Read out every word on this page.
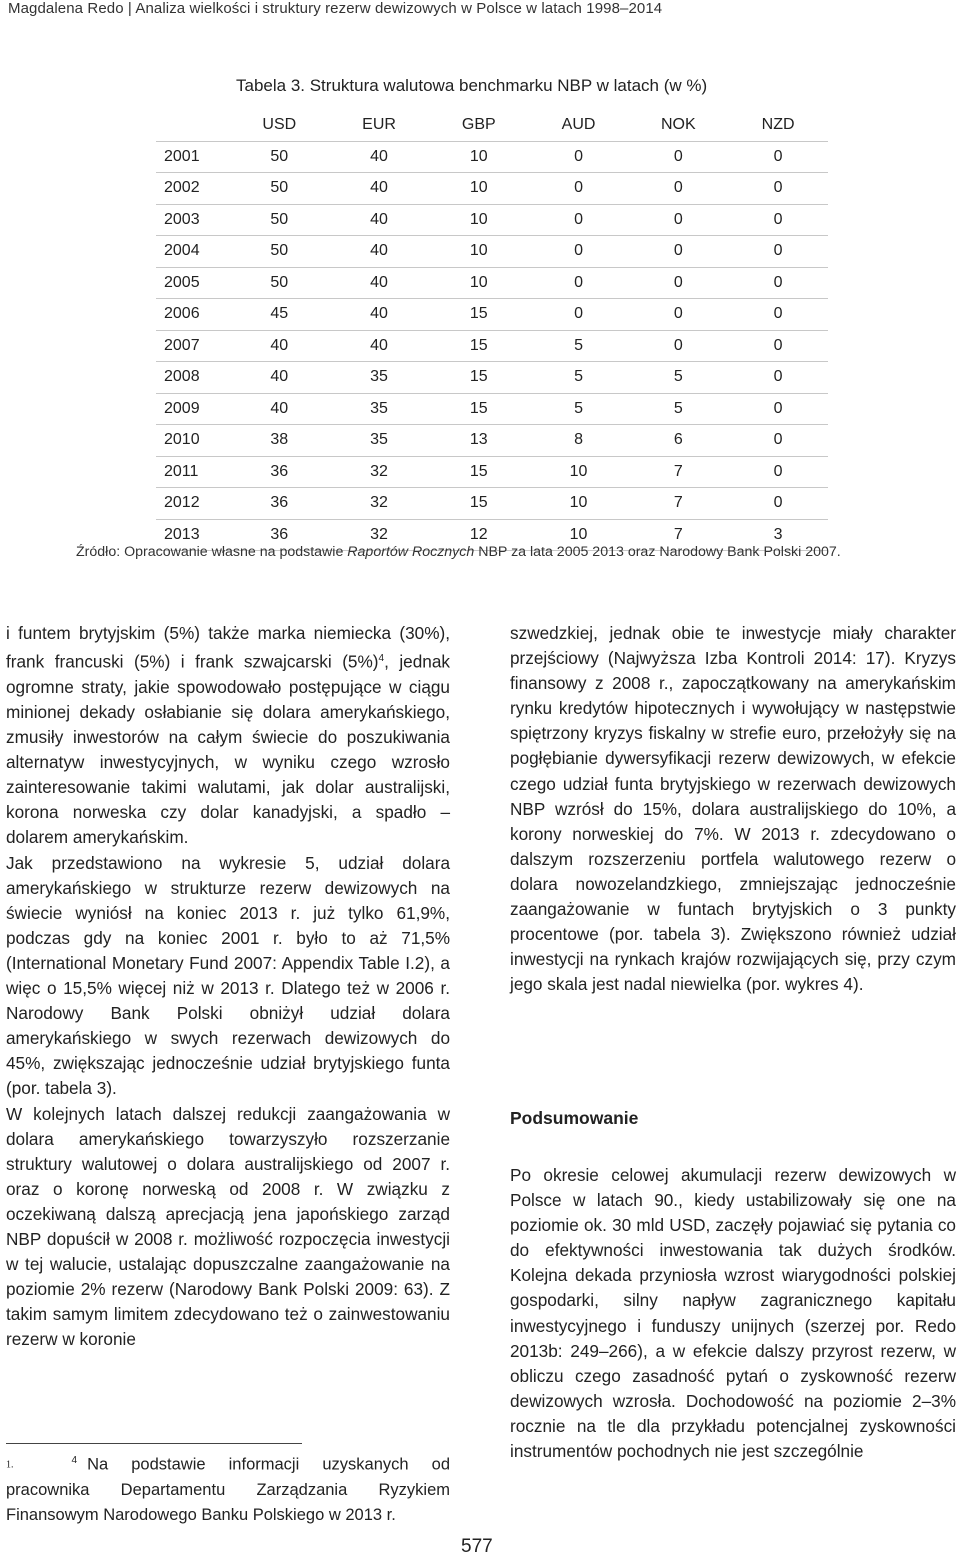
Magdalena Redo | Analiza wielkości i struktury rezerw dewizowych w Polsce w latach 1998–2014
Tabela 3. Struktura walutowa benchmarku NBP w latach (w %)
	USD	EUR	GBP	AUD	NOK	NZD
2001	50	40	10	0	0	0
2002	50	40	10	0	0	0
2003	50	40	10	0	0	0
2004	50	40	10	0	0	0
2005	50	40	10	0	0	0
2006	45	40	15	0	0	0
2007	40	40	15	5	0	0
2008	40	35	15	5	5	0
2009	40	35	15	5	5	0
2010	38	35	13	8	6	0
2011	36	32	15	10	7	0
2012	36	32	15	10	7	0
2013	36	32	12	10	7	3
Źródło: Opracowanie własne na podstawie Raportów Rocznych NBP za lata 2005 2013 oraz Narodowy Bank Polski 2007.

i funtem brytyjskim (5%) także marka niemiecka (30%), frank francuski (5%) i frank szwajcarski $(5\%)^4$, jednak ogromne straty, jakie spowodowało postępujące w ciągu minionej dekady osłabianie się dolara amerykańskiego, zmusiły inwestorów na całym świecie do poszukiwania alternatyw inwestycyjnych, w wyniku czego wzrosło zainteresowanie takimi walutami, jak dolar australijski, korona norweska czy dolar kanadyjski, a spadło – dolarem amerykańskim.

Jak przedstawiono na wykresie 5, udział dolara amerykańskiego w strukturze rezerw dewizowych na świecie wyniósł na koniec 2013 r. już tylko 61,9%, podczas gdy na koniec 2001 r. było to aż 71,5% (International Monetary Fund 2007: Appendix Table I.2), a więc o 15,5% więcej niż w 2013 r. Dlatego też w 2006 r. Narodowy Bank Polski obniżył udział dolara amerykańskiego w swych rezerwach dewizowych do 45%, zwiększając jednocześnie udział brytyjskiego funta (por. tabela 3).

W kolejnych latach dalszej redukcji zaangażowania w dolara amerykańskiego towarzyszyło rozszerzanie struktury walutowej o dolara australijskiego od 2007 r. oraz o koronę norweską od 2008 r. W związku z oczekiwaną dalszą aprecjacją jena japońskiego zarząd NBP dopuścił w 2008 r. możliwość rozpoczęcia inwestycji w tej walucie, ustalając dopuszczalne zaangażowanie na poziomie 2% rezerw (Narodowy Bank Polski 2009: 63). Z takim samym limitem zdecydowano też o zainwestowaniu rezerw w koronie

szwedzkiej, jednak obie te inwestycje miały charakter przejściowy (Najwyższa Izba Kontroli 2014: 17). Kryzys finansowy z 2008 r., zapoczątkowany na amerykańskim rynku kredytów hipotecznych i wywołujący w następstwie spiętrzony kryzys fiskalny w strefie euro, przełożyły się na pogłębianie dywersyfikacji rezerw dewizowych, w efekcie czego udział funta brytyjskiego w rezerwach dewizowych NBP wzrósł do 15%, dolara australijskiego do 10%, a korony norweskiej do 7%. W 2013 r. zdecydowano o dalszym rozszerzeniu portfela walutowego rezerw o dolara nowozelandzkiego, zmniejszając jednocześnie zaangażowanie w funtach brytyjskich o 3 punkty procentowe (por. tabela 3). Zwiększono również udział inwestycji na rynkach krajów rozwijających się, przy czym jego skala jest nadal niewielka (por. wykres 4).

Podsumowanie

Po okresie celowej akumulacji rezerw dewizowych w Polsce w latach 90., kiedy ustabilizowały się one na poziomie ok. 30 mld USD, zaczęły pojawiać się pytania co do efektywności inwestowania tak dużych środków. Kolejna dekada przyniosła wzrost wiarygodności polskiej gospodarki, silny napływ zagranicznego kapitału inwestycyjnego i funduszy unijnych (szerzej por. Redo 2013b: 249–266), a w efekcie dalszy przyrost rezerw, w obliczu czego zasadność pytań o zyskowność rezerw dewizowych wzrosła. Dochodowość na poziomie 2–3% rocznie na tle dla przykładu potencjalnej zyskowności instrumentów pochodnych nie jest szczególnie

1.	$^4$ Na podstawie informacji uzyskanych od pracownika Departamentu Zarządzania Ryzykiem Finansowym Narodowego Banku Polskiego w 2013 r.
577
